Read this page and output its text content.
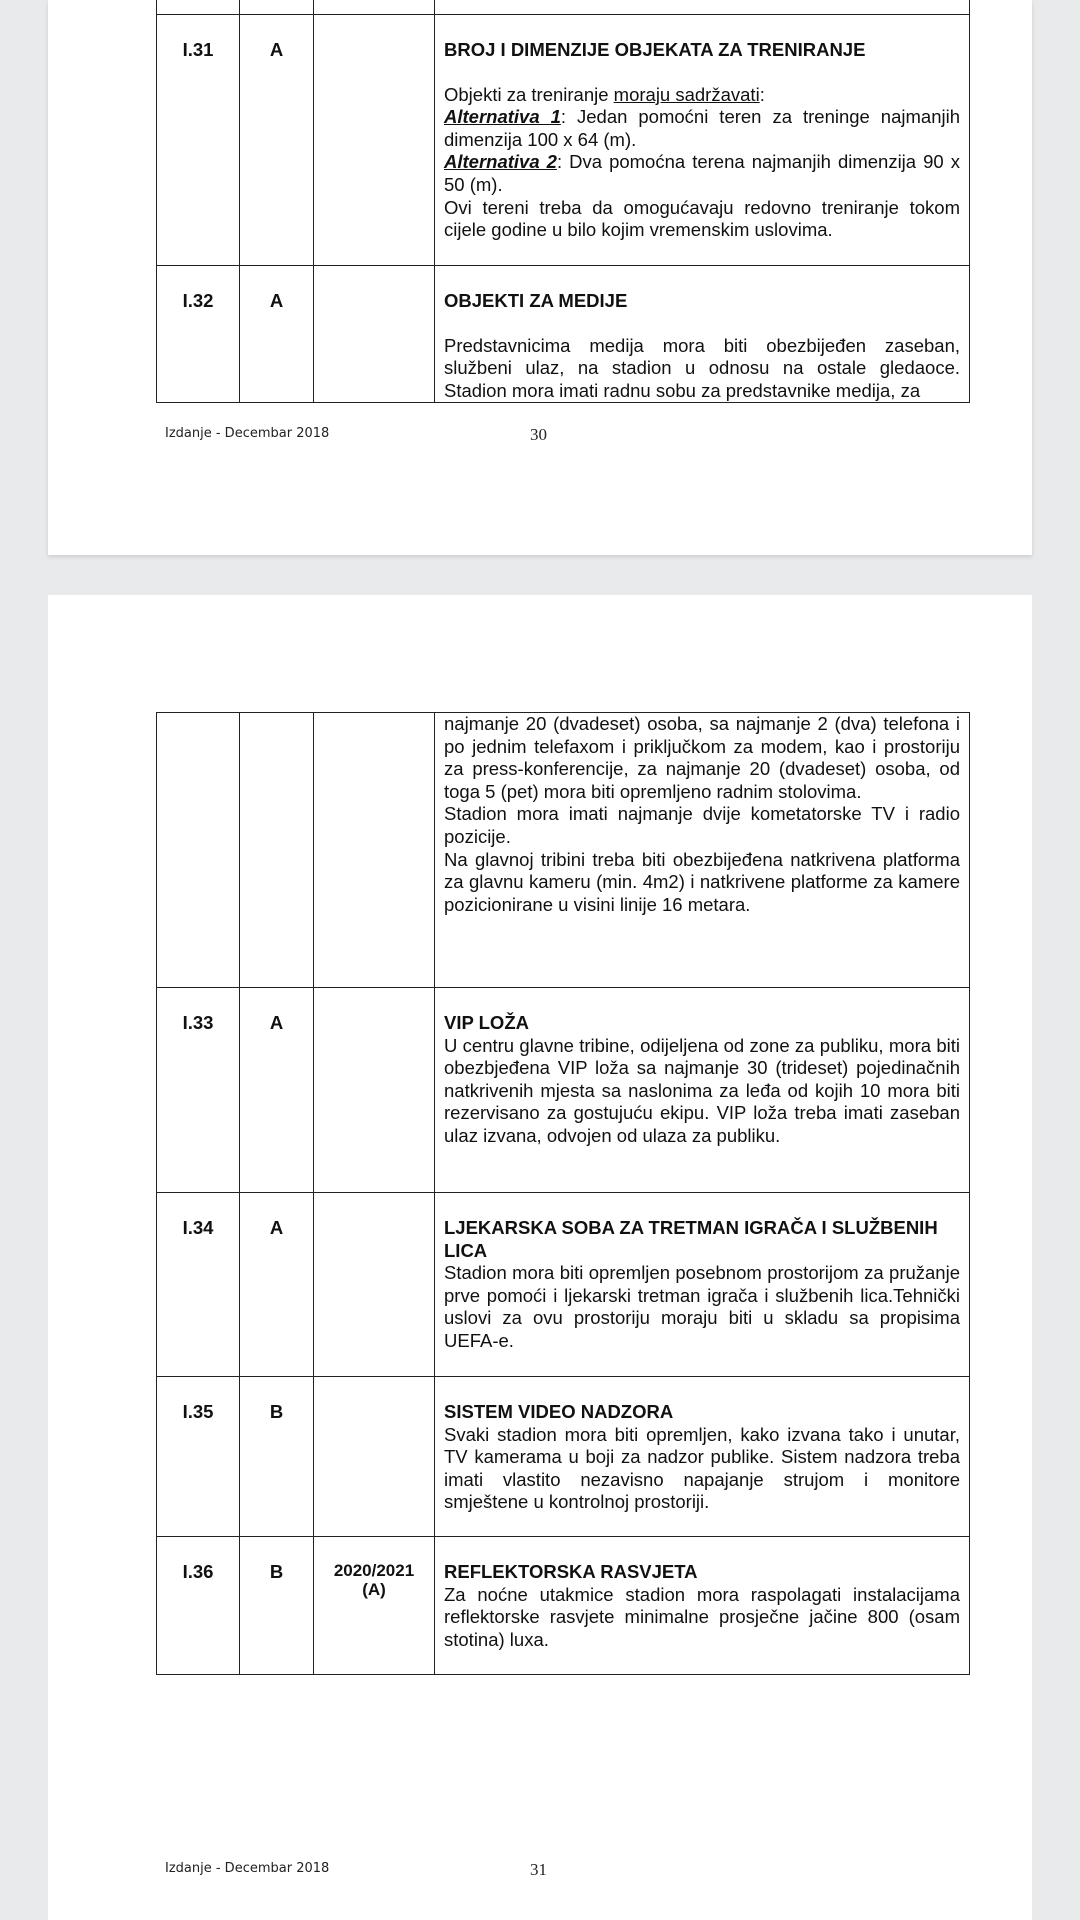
I.31	A		BROJ I DIMENZIJE OBJEKATA ZA TRENIRANJE
Objekti za treniranje moraju sadržavati:
Alternativa 1: Jedan pomoćni teren za treninge najmanjih dimenzija 100 x 64 (m).
Alternativa 2: Dva pomoćna terena najmanjih dimenzija 90 x 50 (m).
Ovi tereni treba da omogućavaju redovno treniranje tokom cijele godine u bilo kojim vremenskim uslovima.

I.32	A		OBJEKTI ZA MEDIJE
Predstavnicima medija mora biti obezbijeđen zaseban, službeni ulaz, na stadion u odnosu na ostale gledaoce. Stadion mora imati radnu sobu za predstavnike medija, za
Izdanje - Decembar 2018	30

			najmanje 20 (dvadeset) osoba, sa najmanje 2 (dva) telefona i po jednim telefaxom i priključkom za modem, kao i prostoriju za press-konferencije, za najmanje 20 (dvadeset) osoba, od toga 5 (pet) mora biti opremljeno radnim stolovima.
Stadion mora imati najmanje dvije kometatorske TV i radio pozicije.
Na glavnoj tribini treba biti obezbijeđena natkrivena platforma za glavnu kameru (min. 4m2) i natkrivene platforme za kamere pozicionirane u visini linije 16 metara.

I.33	A		VIP LOŽA
U centru glavne tribine, odijeljena od zone za publiku, mora biti obezbjeđena VIP loža sa najmanje 30 (trideset) pojedinačnih natkrivenih mjesta sa naslonima za leđa od kojih 10 mora biti rezervisano za gostujuću ekipu. VIP loža treba imati zaseban ulaz izvana, odvojen od ulaza za publiku.

I.34	A		LJEKARSKA SOBA ZA TRETMAN IGRAČA I SLUŽBENIH LICA
Stadion mora biti opremljen posebnom prostorijom za pružanje prve pomoći i ljekarski tretman igrača i službenih lica.Tehnički uslovi za ovu prostoriju moraju biti u skladu sa propisima UEFA-e.

I.35	B		SISTEM VIDEO NADZORA
Svaki stadion mora biti opremljen, kako izvana tako i unutar, TV kamerama u boji za nadzor publike. Sistem nadzora treba imati vlastito nezavisno napajanje strujom i monitore smještene u kontrolnoj prostoriji.

I.36	B	2020/2021 (A)	REFLEKTORSKA RASVJETA
Za noćne utakmice stadion mora raspolagati instalacijama reflektorske rasvjete minimalne prosječne jačine 800 (osam stotina) luxa.
Izdanje - Decembar 2018	31
